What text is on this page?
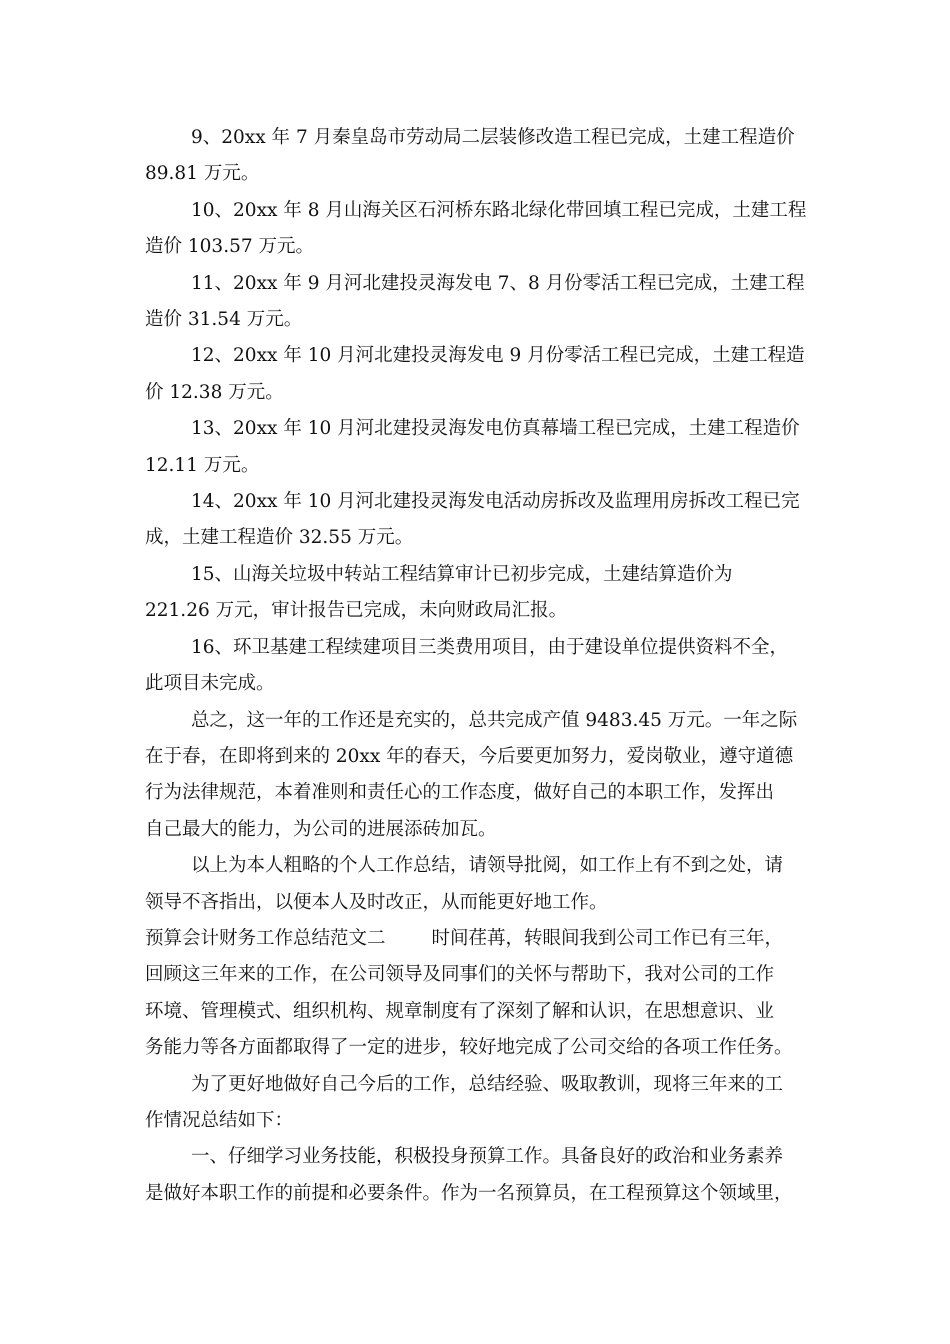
9、20xx 年 7 月秦皇岛市劳动局二层装修改造工程已完成，土建工程造价
89.81 万元。
10、20xx 年 8 月山海关区石河桥东路北绿化带回填工程已完成，土建工程
造价 103.57 万元。
11、20xx 年 9 月河北建投灵海发电 7、8 月份零活工程已完成，土建工程
造价 31.54 万元。
12、20xx 年 10 月河北建投灵海发电 9 月份零活工程已完成，土建工程造
价 12.38 万元。
13、20xx 年 10 月河北建投灵海发电仿真幕墙工程已完成，土建工程造价
12.11 万元。
14、20xx 年 10 月河北建投灵海发电活动房拆改及监理用房拆改工程已完
成，土建工程造价 32.55 万元。
15、山海关垃圾中转站工程结算审计已初步完成，土建结算造价为
221.26 万元，审计报告已完成，未向财政局汇报。
16、环卫基建工程续建项目三类费用项目，由于建设单位提供资料不全，
此项目未完成。
总之，这一年的工作还是充实的，总共完成产值 9483.45 万元。一年之际
在于春，在即将到来的 20xx 年的春天，今后要更加努力，爱岗敬业，遵守道德
行为法律规范，本着准则和责任心的工作态度，做好自己的本职工作，发挥出
自己最大的能力，为公司的进展添砖加瓦。
以上为本人粗略的个人工作总结，请领导批阅，如工作上有不到之处，请
领导不吝指出，以便本人及时改正，从而能更好地工作。
预算会计财务工作总结范文二 时间荏苒，转眼间我到公司工作已有三年，
回顾这三年来的工作，在公司领导及同事们的关怀与帮助下，我对公司的工作
环境、管理模式、组织机构、规章制度有了深刻了解和认识，在思想意识、业
务能力等各方面都取得了一定的进步，较好地完成了公司交给的各项工作任务。
为了更好地做好自己今后的工作，总结经验、吸取教训，现将三年来的工
作情况总结如下：
一、仔细学习业务技能，积极投身预算工作。具备良好的政治和业务素养
是做好本职工作的前提和必要条件。作为一名预算员，在工程预算这个领域里，
